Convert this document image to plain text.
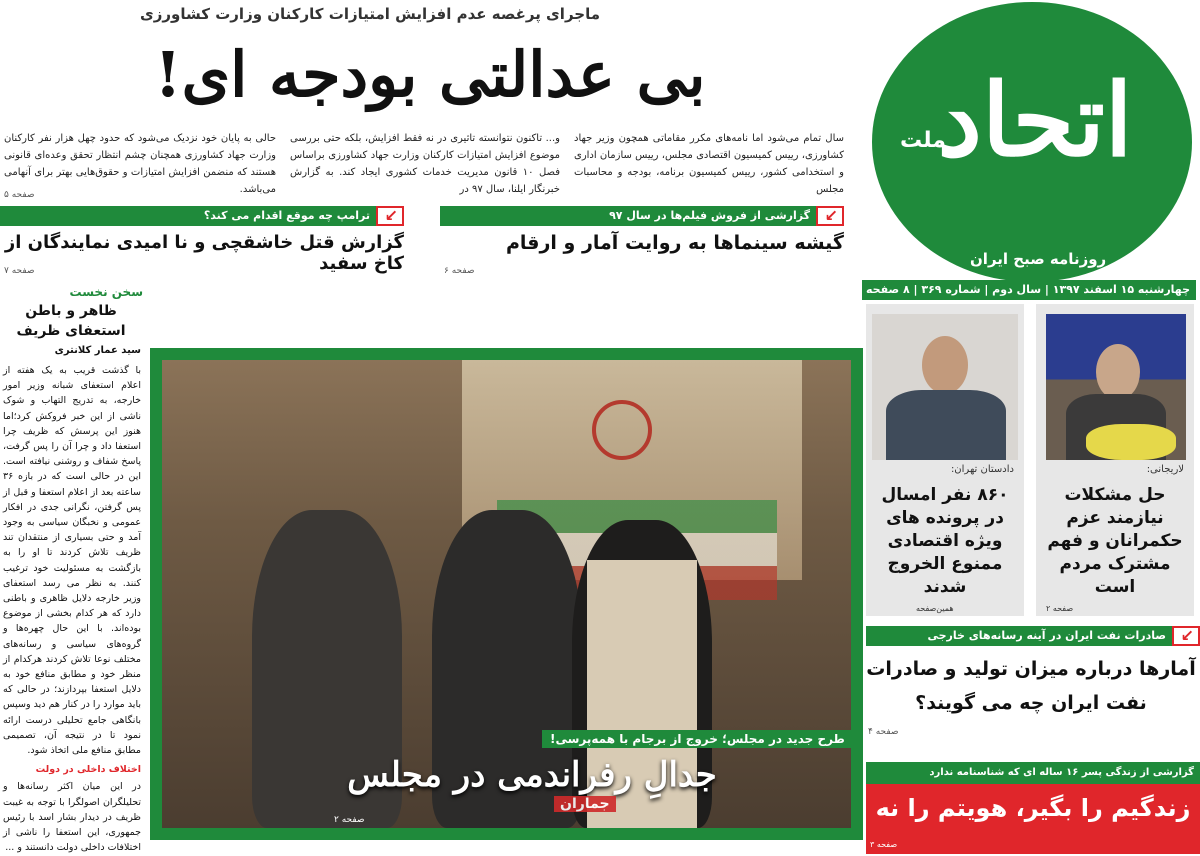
اتحاد
ملت
روزنامه صبح ایران
چهارشنبه ۱۵ اسفند ۱۳۹۷ | سال دوم | شماره ۳۶۹ | ۸ صفحه | ۱۰۰۰ تومان
ماجرای پرغصه عدم افزایش امتیازات کارکنان وزارت کشاورزی
بی عدالتی بودجه ای!
سال تمام می‌شود اما نامه‌های مکرر مقاماتی همچون وزیر جهاد کشاورزی، رییس کمیسیون اقتصادی مجلس، رییس سازمان اداری و استخدامی کشور، رییس کمیسیون برنامه، بودجه و محاسبات مجلس
و... تاکنون نتوانسته تاثیری در نه فقط افزایش، بلکه حتی بررسی موضوع افزایش امتیازات کارکنان وزارت جهاد کشاورزی براساس فصل ۱۰ قانون مدیریت خدمات کشوری ایجاد کند. به گزارش خبرنگار ایلنا، سال ۹۷ در
حالی به پایان خود نزدیک می‌شود که حدود چهل هزار نفر کارکنان وزارت جهاد کشاورزی همچنان چشم انتظار تحقق وعده‌ای قانونی هستند که منضمن افزایش امتیازات و حقوق‌هایی بهتر برای آنهامی می‌باشد.
صفحه ۵
↙
گزارشی از فروش فیلم‌ها در سال ۹۷
گیشه سینماها به روایت آمار و ارقام
صفحه ۶
↙
ترامپ چه موقع اقدام می کند؟
گزارش قتل خاشقچی و نا امیدی نمایندگان از کاخ سفید
صفحه ۷
سخن نخست
ظاهر و باطن
استعفای ظریف
سید عمار کلانتری
با گذشت قریب به یک هفته از اعلام استعفای شبانه وزیر امور خارجه، به تدریج التهاب و شوک ناشی از این خبر فروکش کرد؛اما هنوز این پرسش که ظریف چرا استعفا داد و چرا آن را پس گرفت، پاسخ شفاف و روشنی نیافته است. این در حالی است که در بازه ۳۶ ساعته بعد از اعلام استعفا و قبل از پس گرفتن، نگرانی جدی در افکار عمومی و نخبگان سیاسی به وجود آمد و حتی بسیاری از منتقدان تند ظریف تلاش کردند تا او را به بازگشت به مسئولیت خود ترغیب کنند. به نظر می رسد استعفای وزیر خارجه دلایل ظاهری و باطنی دارد که هر کدام بخشی از موضوع بوده‌اند. با این حال چهره‌ها و گروه‌های سیاسی و رسانه‌های مختلف نوعا تلاش کردند هرکدام از منظر خود و مطابق منافع خود به دلایل استعفا بپردازند؛ در حالی که باید موارد را در کنار هم دید وسپس بانگاهی جامع تحلیلی درست ارائه نمود تا در نتیجه آن، تصمیمی مطابق منافع ملی اتخاذ شود.
اختلاف داخلی در دولت
در این میان اکثر رسانه‌ها و تحلیلگران اصولگرا با توجه به غیبت ظریف در دیدار بشار اسد با رئیس جمهوری، این استعفا را ناشی از اختلافات داخلی دولت دانستند و ...
طرح جدید در مجلس؛ خروج از برجام با همه‌پرسی!
جدالِ رفراندمی در مجلس
صفحه ۲
جماران
لاریجانی:
حل مشکلات نیازمند عزم حکمرانان و فهم مشترک مردم است
صفحه ۲
دادستان تهران:
۸۶۰ نفر امسال در پرونده های ویژه اقتصادی ممنوع الخروج شدند
همین‌صفحه
↙
صادرات نفت ایران در آینه رسانه‌های خارجی
آمارها درباره میزان تولید و صادرات
نفت ایران چه می گویند؟
صفحه ۴
گزارشی از زندگی پسر ۱۶ ساله ای که شناسنامه ندارد
زندگیم را بگیر، هویتم را نه
صفحه ۳
